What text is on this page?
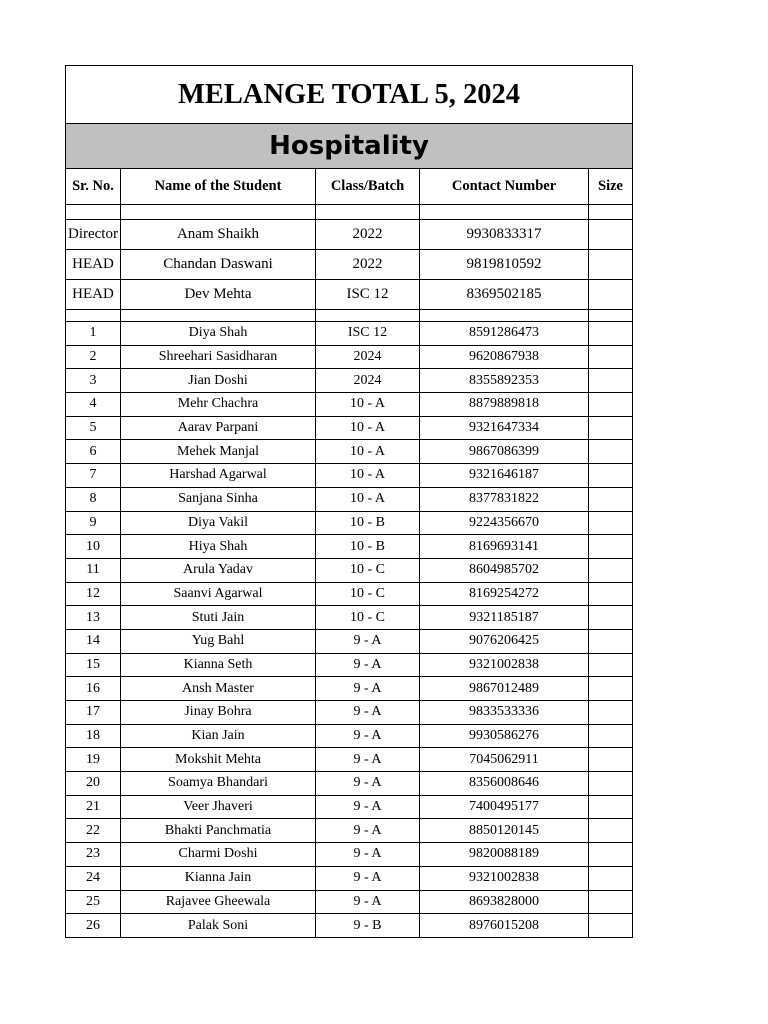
MELANGE TOTAL 5, 2024				
Hospitality				
Sr. No.	Name of the Student	Class/Batch	Contact Number	Size

Director	Anam Shaikh	2022	9930833317	
HEAD	Chandan Daswani	2022	9819810592	
HEAD	Dev Mehta	ISC 12	8369502185	

1	Diya Shah	ISC 12	8591286473	
2	Shreehari Sasidharan	2024	9620867938	
3	Jian Doshi	2024	8355892353	
4	Mehr Chachra	10 - A	8879889818	
5	Aarav Parpani	10 - A	9321647334	
6	Mehek Manjal	10 - A	9867086399	
7	Harshad Agarwal	10 - A	9321646187	
8	Sanjana Sinha	10 - A	8377831822	
9	Diya Vakil	10 - B	9224356670	
10	Hiya Shah	10 - B	8169693141	
11	Arula Yadav	10 - C	8604985702	
12	Saanvi Agarwal	10 - C	8169254272	
13	Stuti Jain	10 - C	9321185187	
14	Yug Bahl	9 - A	9076206425	
15	Kianna Seth	9 - A	9321002838	
16	Ansh Master	9 - A	9867012489	
17	Jinay Bohra	9 - A	9833533336	
18	Kian Jain	9 - A	9930586276	
19	Mokshit Mehta	9 - A	7045062911	
20	Soamya Bhandari	9 - A	8356008646	
21	Veer Jhaveri	9 - A	7400495177	
22	Bhakti Panchmatia	9 - A	8850120145	
23	Charmi Doshi	9 - A	9820088189	
24	Kianna Jain	9 - A	9321002838	
25	Rajavee Gheewala	9 - A	8693828000	
26	Palak Soni	9 - B	8976015208	
